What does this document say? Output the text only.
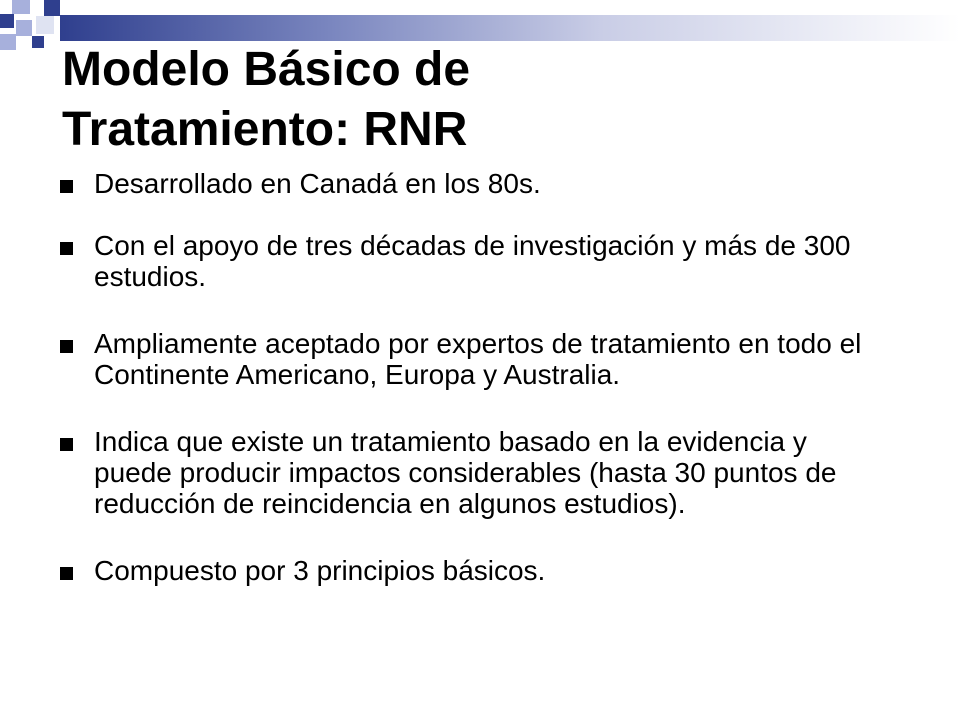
Modelo Básico de
Tratamiento: RNR
Desarrollado en Canadá en los 80s.
Con el apoyo de tres décadas de investigación y más de 300 estudios.
Ampliamente aceptado por expertos de tratamiento en todo el Continente Americano, Europa y Australia.
Indica que existe un tratamiento basado en la evidencia y puede producir impactos considerables (hasta 30 puntos de reducción de reincidencia en algunos estudios).
Compuesto por 3 principios básicos.
